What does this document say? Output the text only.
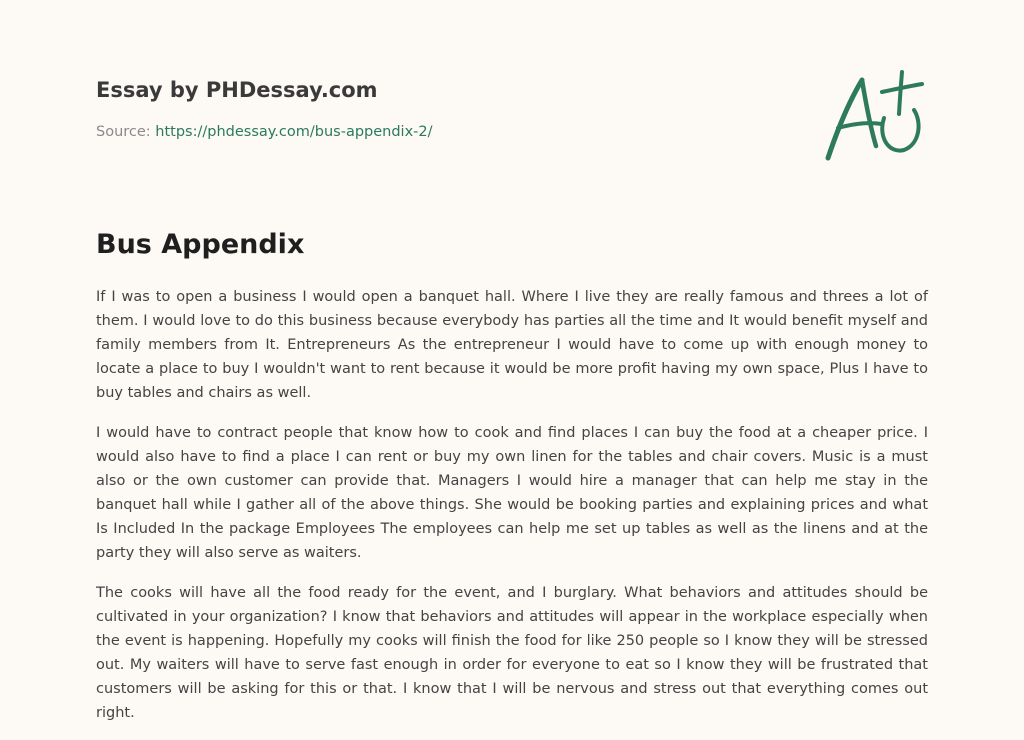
Essay by PHDessay.com
Source: https://phdessay.com/bus-appendix-2/
Bus Appendix

If I was to open a business I would open a banquet hall. Where I live they are really famous and threes a lot of them. I would love to do this business because everybody has parties all the time and It would benefit myself and family members from It. Entrepreneurs As the entrepreneur I would have to come up with enough money to locate a place to buy I wouldn't want to rent because it would be more profit having my own space, Plus I have to buy tables and chairs as well.

I would have to contract people that know how to cook and find places I can buy the food at a cheaper price. I would also have to find a place I can rent or buy my own linen for the tables and chair covers. Music is a must also or the own customer can provide that. Managers I would hire a manager that can help me stay in the banquet hall while I gather all of the above things. She would be booking parties and explaining prices and what Is Included In the package Employees The employees can help me set up tables as well as the linens and at the party they will also serve as waiters.

The cooks will have all the food ready for the event, and I burglary. What behaviors and attitudes should be cultivated in your organization? I know that behaviors and attitudes will appear in the workplace especially when the event is happening. Hopefully my cooks will finish the food for like 250 people so I know they will be stressed out. My waiters will have to serve fast enough in order for everyone to eat so I know they will be frustrated that customers will be asking for this or that. I know that I will be nervous and stress out that everything comes out right.
